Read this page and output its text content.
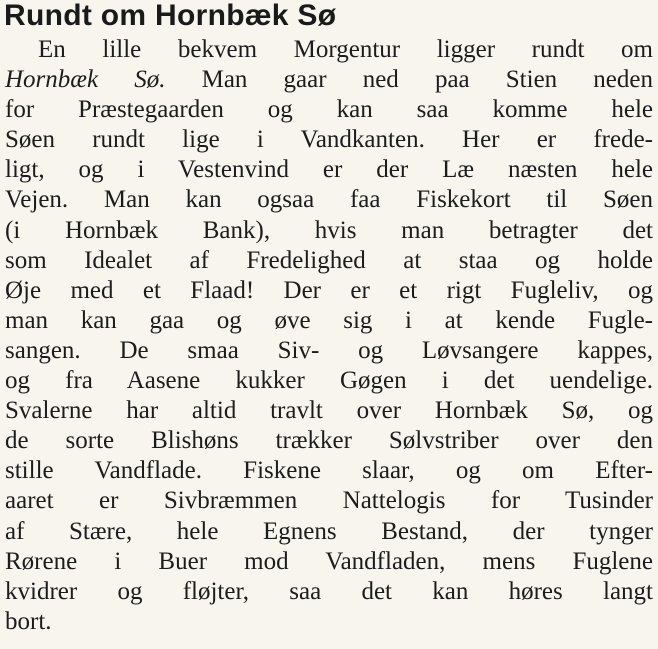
Rundt om Hornbæk Sø
En lille bekvem Morgentur ligger rundt om
Hornbæk Sø. Man gaar ned paa Stien neden
for Præstegaarden og kan saa komme hele
Søen rundt lige i Vandkanten. Her er frede-
ligt, og i Vestenvind er der Læ næsten hele
Vejen. Man kan ogsaa faa Fiskekort til Søen
(i Hornbæk Bank), hvis man betragter det
som Idealet af Fredelighed at staa og holde
Øje med et Flaad! Der er et rigt Fugleliv, og
man kan gaa og øve sig i at kende Fugle-
sangen. De smaa Siv- og Løvsangere kappes,
og fra Aasene kukker Gøgen i det uendelige.
Svalerne har altid travlt over Hornbæk Sø, og
de sorte Blishøns trækker Sølvstriber over den
stille Vandflade. Fiskene slaar, og om Efter-
aaret er Sivbræmmen Nattelogis for Tusinder
af Stære, hele Egnens Bestand, der tynger
Rørene i Buer mod Vandfladen, mens Fuglene
kvidrer og fløjter, saa det kan høres langt
bort.
